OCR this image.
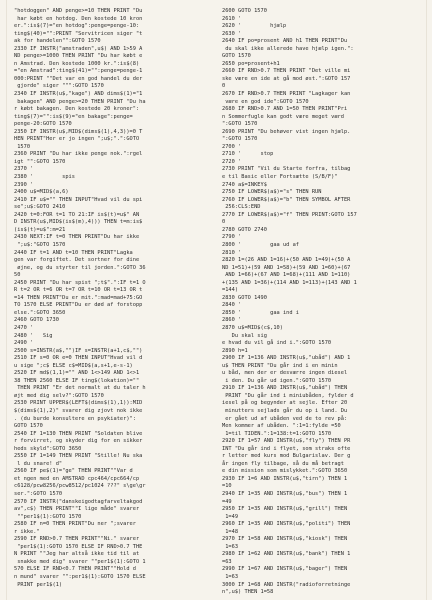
"hotdoggen" AND penge>=10 THEN PRINT "Du
har købt en hotdog. Den kostede 10 kron
er.":is$(7)="en hotdog":penge=penge-10:
ting$(40)="":PRINT "Servitricen siger "t
ak for handelen"":GOTO 1570
2330 IF INSTR("amstraden",u$) AND 1>59 A
ND penge>=1000 THEN PRINT "Du har købt e
n Amstrad. Den kostede 1000 kr.":is$(8)
="en Amstrad":ting$(41)="":penge=penge-1
000:PRINT ""Det var en god handel du der
gjorde" siger """:GOTO 1570
2340 IF INSTR(u$,"kage") AND dims$(1)="1
bakagen" AND penge>=20 THEN PRINT "Du ha
r købt bakagen. Den kostede 20 kroner":
ting$(7)="":is$(9)="en bakage":penge=
penge-20:GOTO 1570
2350 IF INSTR(u$,MID$(dims$(1),4,3))=0 T
HEN PRINT"Her er jo ingen ";u$;".":GOTO
1570
2360 PRINT "Du har ikke penge nok.":rgel
igt "":GOTO 1570
2370 '
2380 '         spis
2390 '
2400 u$=MID$(a,6)
2410 IF u$="" THEN INPUT"Hvad vil du spi
se";u$:GOTO 2410
2420 t=0:FOR t=1 TO 21:IF is$(t)=u$" AN
D INSTR(u$,MID$(is$(m),4))) THEN t=m:is$
(is$(t)=u$":m=21
2430 NEXT:IF t=0 THEN PRINT"Du har ikke
";u$:"GOTO 1570
2440 IF t=1 AND t=10 THEN PRINT"Lagka
gen var forgiftet. Det sortner for dine
øjne, og du styrter til jorden.":GOTO 36
50
2450 PRINT "Du har spist ";t$".":IF t=1 O
R t=2 OR t=6 OR t=7 OR t=10 OR t=13 OR t
=14 THEN PRINT"Du er mit.":mad=mad+75:GO
TO 1570 ELSE PRINT"Du er død af forstopp
else.":GOTO 3650
2460 GOTO 1730
2470 '
2480 '   Sig
2490 '
2500 s=INSTR(a$,"")IF s=INSTR(a+1,c$,"")
2510 IF s=0 OR e=0 THEN INPUT"Hvad vil d
u sige ";c$ ELSE c$=MID$(a,s+1,e-s-1)
2520 IF md$(1,1)="" AND 1<>149 AND 1<>1
38 THEN 2560 ELSE IF ting$(lokation)=""
THEN PRINT "Er det normalt at du taler h
øjt med dig selv?":GOTO 1570
2530 PRINT UPPER$(LEFT$(dims$(1),1)):MID
$(dims$(1),2)" svarer dig zjovt nok ikke
. (du burde konsultere en psykiater)":
GOTO 1570
2540 IF 1=130 THEN PRINT "Soldaten blive
r forvirret, og skyder dig for en sikker
heds skyld":GOTO 3650
2550 IF 1=149 THEN PRINT "Stille! Nu ska
l du snare! d"
2560 IF pe$(1)="ge" THEN PRINT""Var d
et ngen med en AMSTRAD cpc464/cpc664/cp
c6128/pcw8256/pcw8512/pc1024 ???" s\ge\gr
ser.":GOTO 1570
2570 IF INSTR("danskeigodtagfarveltakgod
av",c$) THEN PRINT""I lige måde" svarer
""per1$(1):GOTO 1570
2580 IF n=0 THEN PRINT"Du ner ";svarer
r ikke."
2590 IF RND>0.7 THEN PRINT""Ni." svarer
"per1$(1):GOTO 1570 ELSE IF RND>0.7 THE
N PRINT ""Jeg har altså ikke tid til at
snakke med dig" svarer ""per1$(1):GOTO 1
570 ELSE IF RND<0.7 THEN PRINT""Hold d
n mund" svarer "":per1$(1):GOTO 1570 ELSE
PRINT per1$(1)
2600 GOTO 1570
2610 '
2620 '         hjælp
2630 '
2640 IF po=prosent AND h1 THEN PRINT"Du
du skal ikke allerede have hjælp igen.":
GOTO 1570
2650 po=prosent+h1
2660 IF RND>0.7 THEN PRINT "Det ville mi
ske være en ide at gå mod øst.":GOTO 157
0
2670 IF RND>0.7 THEN PRINT "Lagkager kan
være en god ide":GOTO 1570
2680 IF RND>0.7 AND 1=50 THEN PRINT"Pri
n Sommerfugle kan godt være meget værd
":GOTO 1570
2690 PRINT "Du behøver vist ingen hjælp.
":GOTO 1570
2700 '
2710 '      stop
2720 '
2730 PRINT "Vil du Starte forfra, tilbag
e til Basic eller Fortsætte (S/B/F)"
2740 a$=INKEY$
2750 IF LOWER$(a$)="s" THEN RUN
2760 IF LOWER$(a$)="b" THEN SYMBOL AFTER
256:CLS:END
2770 IF LOWER$(a$)="f" THEN PRINT:GOTO 157
0
2780 GOTO 2740
2790 '
2800 '         gaa ud af
2810 '
2820 1=(26 AND 1=16)+(50 AND 1=49)+(50 A
ND 1=51)+(59 AND 1=58)+(59 AND 1=60)+(67
AND 1=66)+(67 AND 1=68)+(111 AND 1=110)
+(135 AND 1=36)+(114 AND 1=113)+(143 AND 1
=144)
2830 GOTO 1490
2840 '
2850 '         gaa ind i
2860 '
2870 u$=MID$(c$,10)
Du skal sig
e hvad du vil gå ind i.":GOTO 1570
2890 h=1
2900 IF 1=136 AND INSTR(u$,"ubåd") AND 1
u$ THEN PRINT "Du går ind i en minin
u båd, men der er desværre ingen diesel
i den. Du går ud igen.":GOTO 1570
2910 IF 1=136 AND INSTR(u$,"ubåd") THEN
PRINT "Du går ind i miniubåden, fylder d
iesel på og begynder at sejle. Efter 20
minutters sejlads går du op i land. Du
er gået ud af ubåden ved de to rev på:
Men kommer af ubåden. ":1=1:fylde =50
1=til TIDEN.":1=138:t=1:GOTO 1570
2920 IF 1=57 AND INSTR(u$,"fly") THEN PR
INT "Du går ind i flyet, som straks ofte
r letter med kurs mod Bulgarislav. Der g
år ingen fly tilbage, så du må betragt
e din mission som mislykket.":GOTO 3650
2930 IF 1=6 AND INSTR(u$,"tirn") THEN 1
=10
2940 IF 1=35 AND INSTR(u$,"bus") THEN 1
=49
2950 IF 1=35 AND INSTR(u$,"grill") THEN
1=49
2960 IF 1=35 AND INSTR(u$,"politi") THEN
1=48
2970 IF 1=58 AND INSTR(u$,"kiosk") THEN
1=63
2980 IF 1=62 AND INSTR(u$,"bank") THEN 1
=63
2990 IF 1=67 AND INSTR(u$,"bager") THEN
1=63
3000 IF 1=68 AND INSTR("radioforretninge
n",u$) THEN 1=58
